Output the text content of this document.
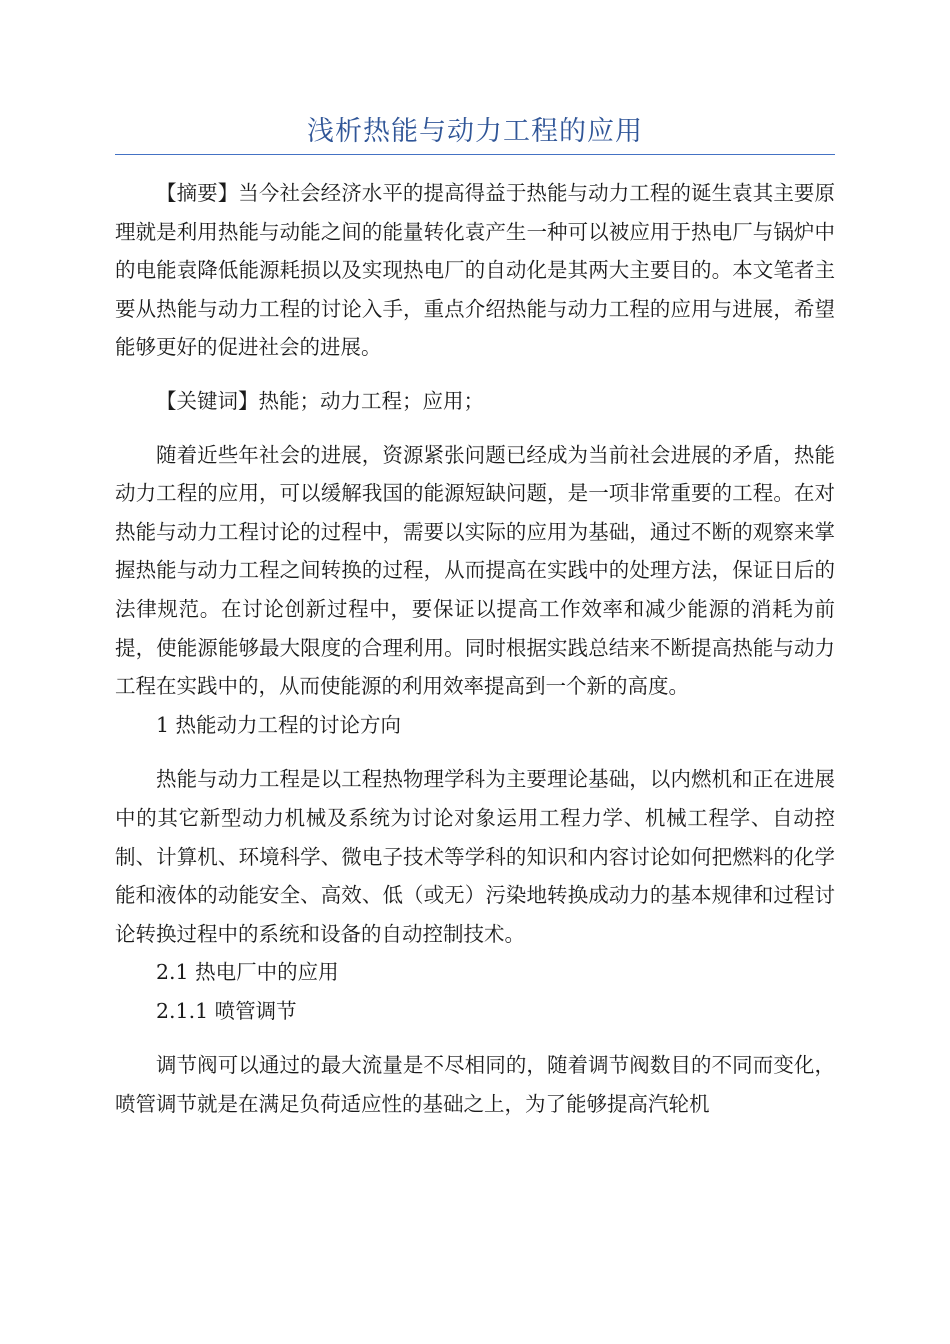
浅析热能与动力工程的应用

【摘要】当今社会经济水平的提高得益于热能与动力工程的诞生袁其主要原理就是利用热能与动能之间的能量转化袁产生一种可以被应用于热电厂与锅炉中的电能袁降低能源耗损以及实现热电厂的自动化是其两大主要目的。本文笔者主要从热能与动力工程的讨论入手，重点介绍热能与动力工程的应用与进展，希望能够更好的促进社会的进展。

【关键词】热能；动力工程；应用；

随着近些年社会的进展，资源紧张问题已经成为当前社会进展的矛盾，热能动力工程的应用，可以缓解我国的能源短缺问题，是一项非常重要的工程。在对热能与动力工程讨论的过程中，需要以实际的应用为基础，通过不断的观察来掌握热能与动力工程之间转换的过程，从而提高在实践中的处理方法，保证日后的法律规范。在讨论创新过程中，要保证以提高工作效率和减少能源的消耗为前提，使能源能够最大限度的合理利用。同时根据实践总结来不断提高热能与动力工程在实践中的，从而使能源的利用效率提高到一个新的高度。

1 热能动力工程的讨论方向

热能与动力工程是以工程热物理学科为主要理论基础，以内燃机和正在进展中的其它新型动力机械及系统为讨论对象运用工程力学、机械工程学、自动控制、计算机、环境科学、微电子技术等学科的知识和内容讨论如何把燃料的化学能和液体的动能安全、高效、低（或无）污染地转换成动力的基本规律和过程讨论转换过程中的系统和设备的自动控制技术。

2.1 热电厂中的应用

2.1.1 喷管调节

调节阀可以通过的最大流量是不尽相同的，随着调节阀数目的不同而变化，喷管调节就是在满足负荷适应性的基础之上，为了能够提高汽轮机
